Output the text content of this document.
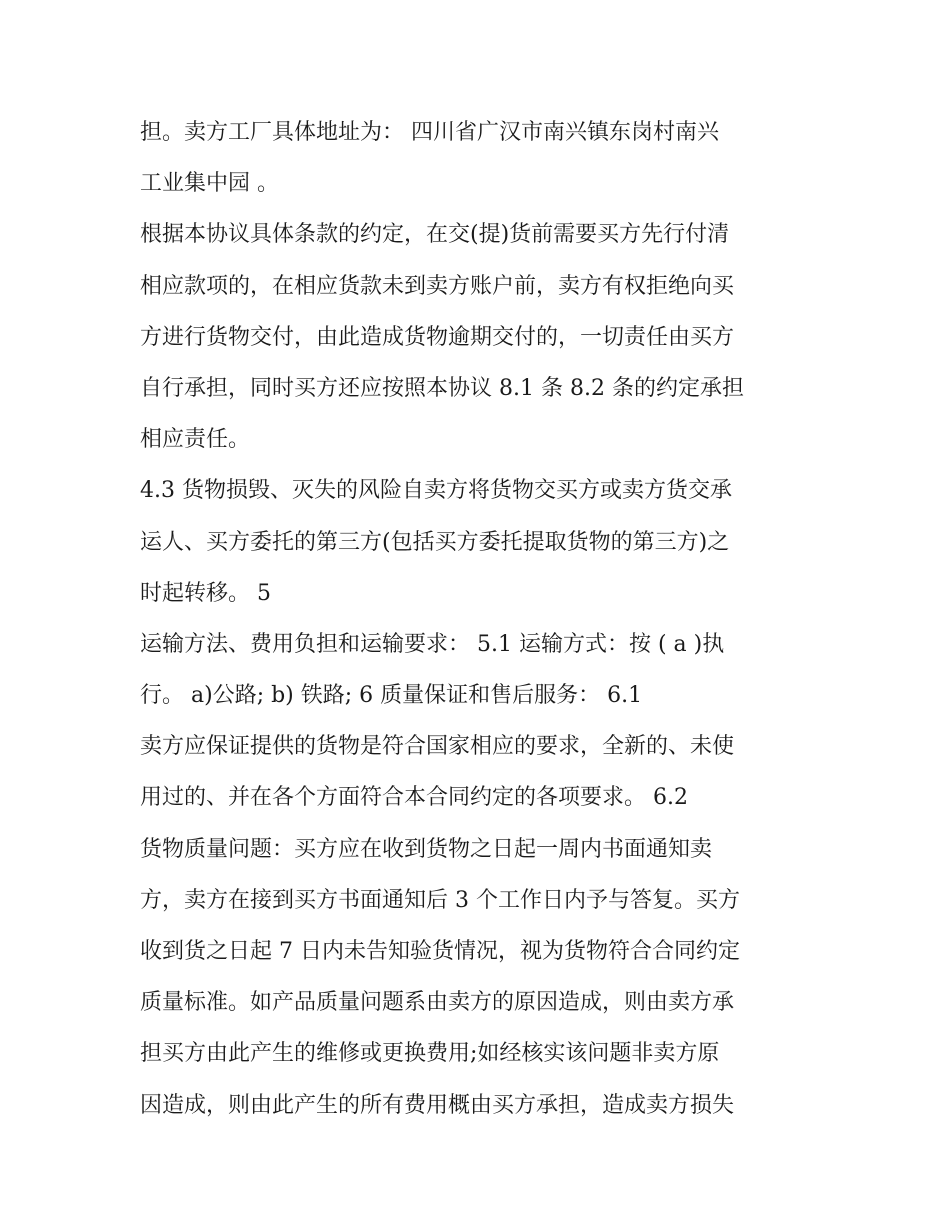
担。卖方工厂具体地址为： 四川省广汉市南兴镇东岗村南兴
工业集中园 。
根据本协议具体条款的约定，在交(提)货前需要买方先行付清
相应款项的，在相应货款未到卖方账户前，卖方有权拒绝向买
方进行货物交付，由此造成货物逾期交付的，一切责任由买方
自行承担，同时买方还应按照本协议 8.1 条 8.2 条的约定承担
相应责任。
4.3 货物损毁、灭失的风险自卖方将货物交买方或卖方货交承
运人、买方委托的第三方(包括买方委托提取货物的第三方)之
时起转移。 5
运输方法、费用负担和运输要求： 5.1 运输方式：按 ( a )执
行。 a)公路; b) 铁路; 6 质量保证和售后服务： 6.1
卖方应保证提供的货物是符合国家相应的要求，全新的、未使
用过的、并在各个方面符合本合同约定的各项要求。 6.2
货物质量问题：买方应在收到货物之日起一周内书面通知卖
方，卖方在接到买方书面通知后 3 个工作日内予与答复。买方
收到货之日起 7 日内未告知验货情况，视为货物符合合同约定
质量标准。如产品质量问题系由卖方的原因造成，则由卖方承
担买方由此产生的维修或更换费用;如经核实该问题非卖方原
因造成，则由此产生的所有费用概由买方承担，造成卖方损失
